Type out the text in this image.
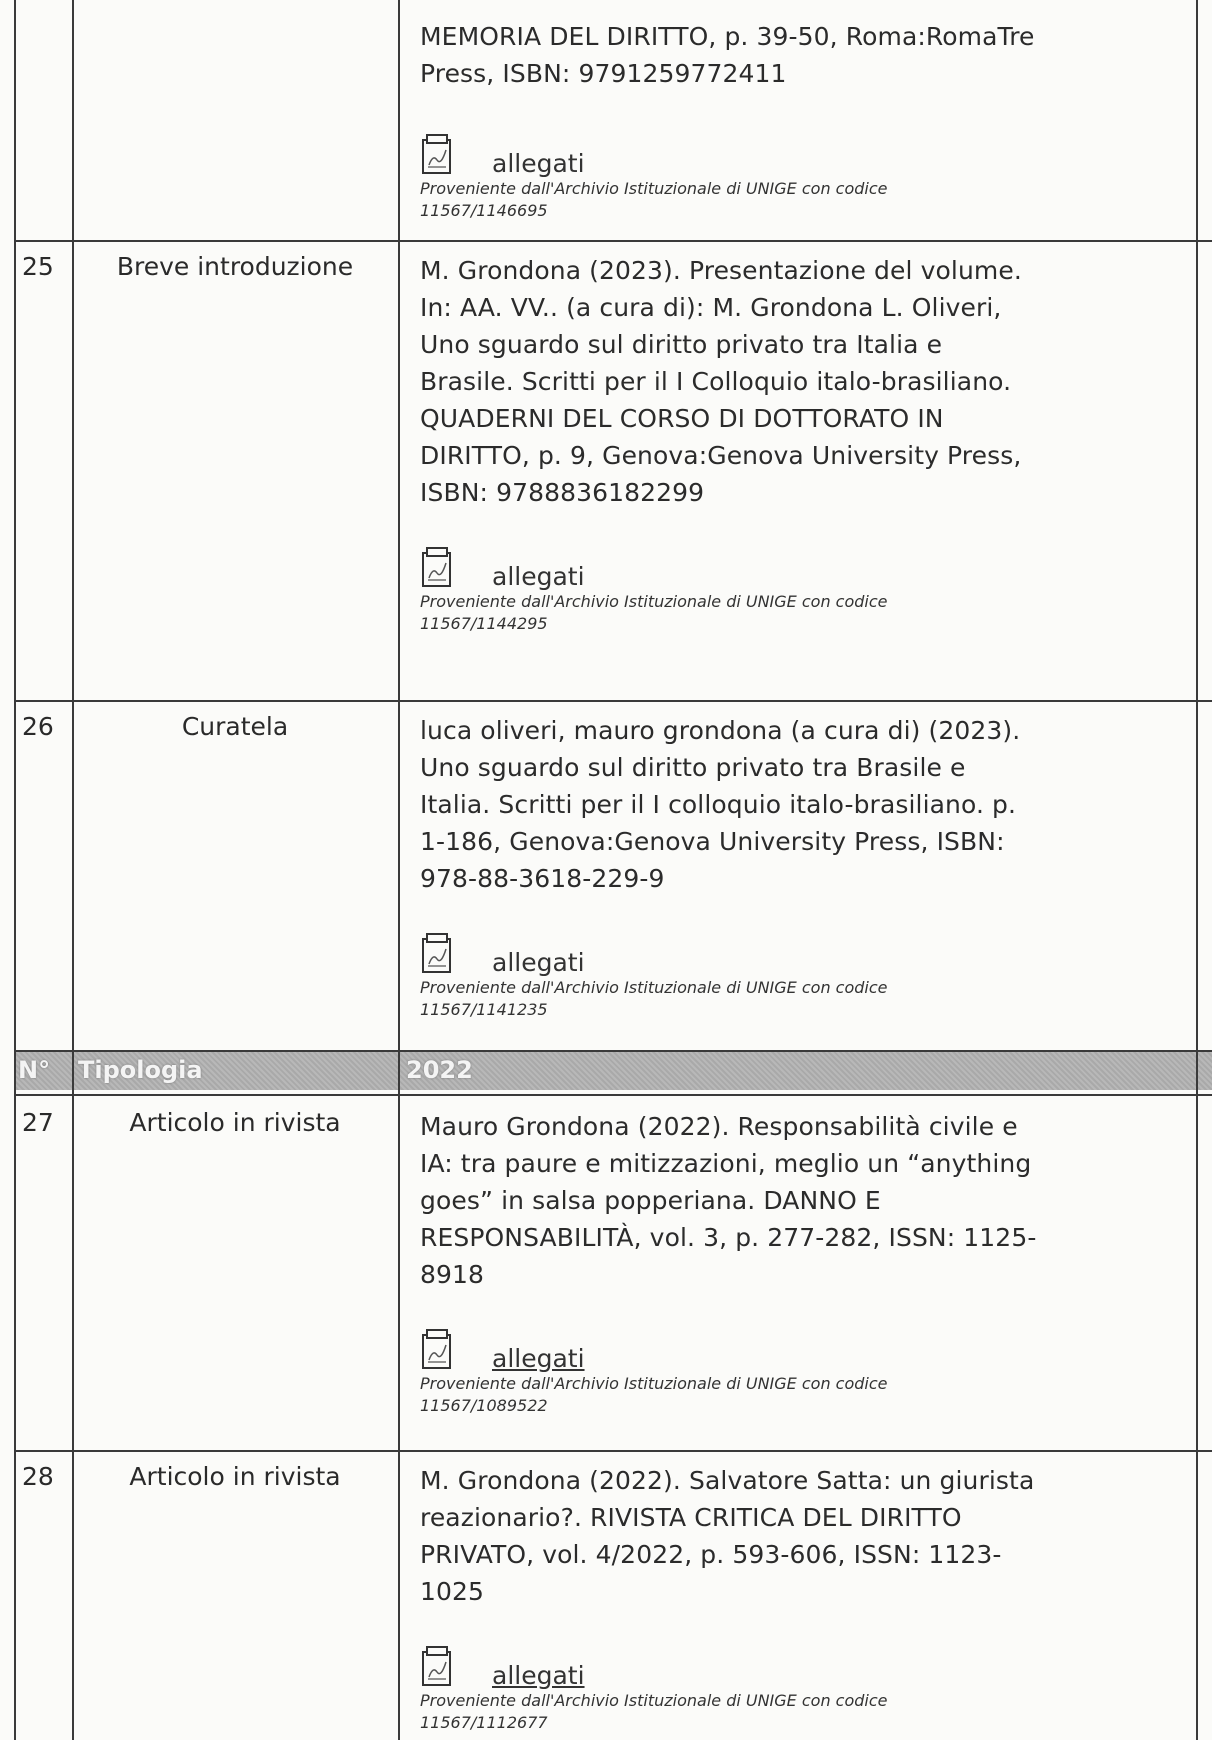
MEMORIA DEL DIRITTO, p. 39-50, Roma:RomaTre Press, ISBN: 9791259772411
allegati
Proveniente dall'Archivio Istituzionale di UNIGE con codice
11567/1146695
25	Breve introduzione	M. Grondona (2023). Presentazione del volume. In: AA. VV.. (a cura di): M. Grondona L. Oliveri, Uno sguardo sul diritto privato tra Italia e Brasile. Scritti per il I Colloquio italo-brasiliano. QUADERNI DEL CORSO DI DOTTORATO IN DIRITTO, p. 9, Genova:Genova University Press, ISBN: 9788836182299
allegati
Proveniente dall'Archivio Istituzionale di UNIGE con codice
11567/1144295
26	Curatela	luca oliveri, mauro grondona (a cura di) (2023). Uno sguardo sul diritto privato tra Brasile e Italia. Scritti per il I colloquio italo-brasiliano. p. 1-186, Genova:Genova University Press, ISBN: 978-88-3618-229-9
allegati
Proveniente dall'Archivio Istituzionale di UNIGE con codice
11567/1141235
N° Tipologia	2022
27	Articolo in rivista	Mauro Grondona (2022). Responsabilità civile e IA: tra paure e mitizzazioni, meglio un “anything goes” in salsa popperiana. DANNO E RESPONSABILITÀ, vol. 3, p. 277-282, ISSN: 1125-8918
allegati
Proveniente dall'Archivio Istituzionale di UNIGE con codice
11567/1089522
28	Articolo in rivista	M. Grondona (2022). Salvatore Satta: un giurista reazionario?. RIVISTA CRITICA DEL DIRITTO PRIVATO, vol. 4/2022, p. 593-606, ISSN: 1123-1025
allegati
Proveniente dall'Archivio Istituzionale di UNIGE con codice
11567/1112677
